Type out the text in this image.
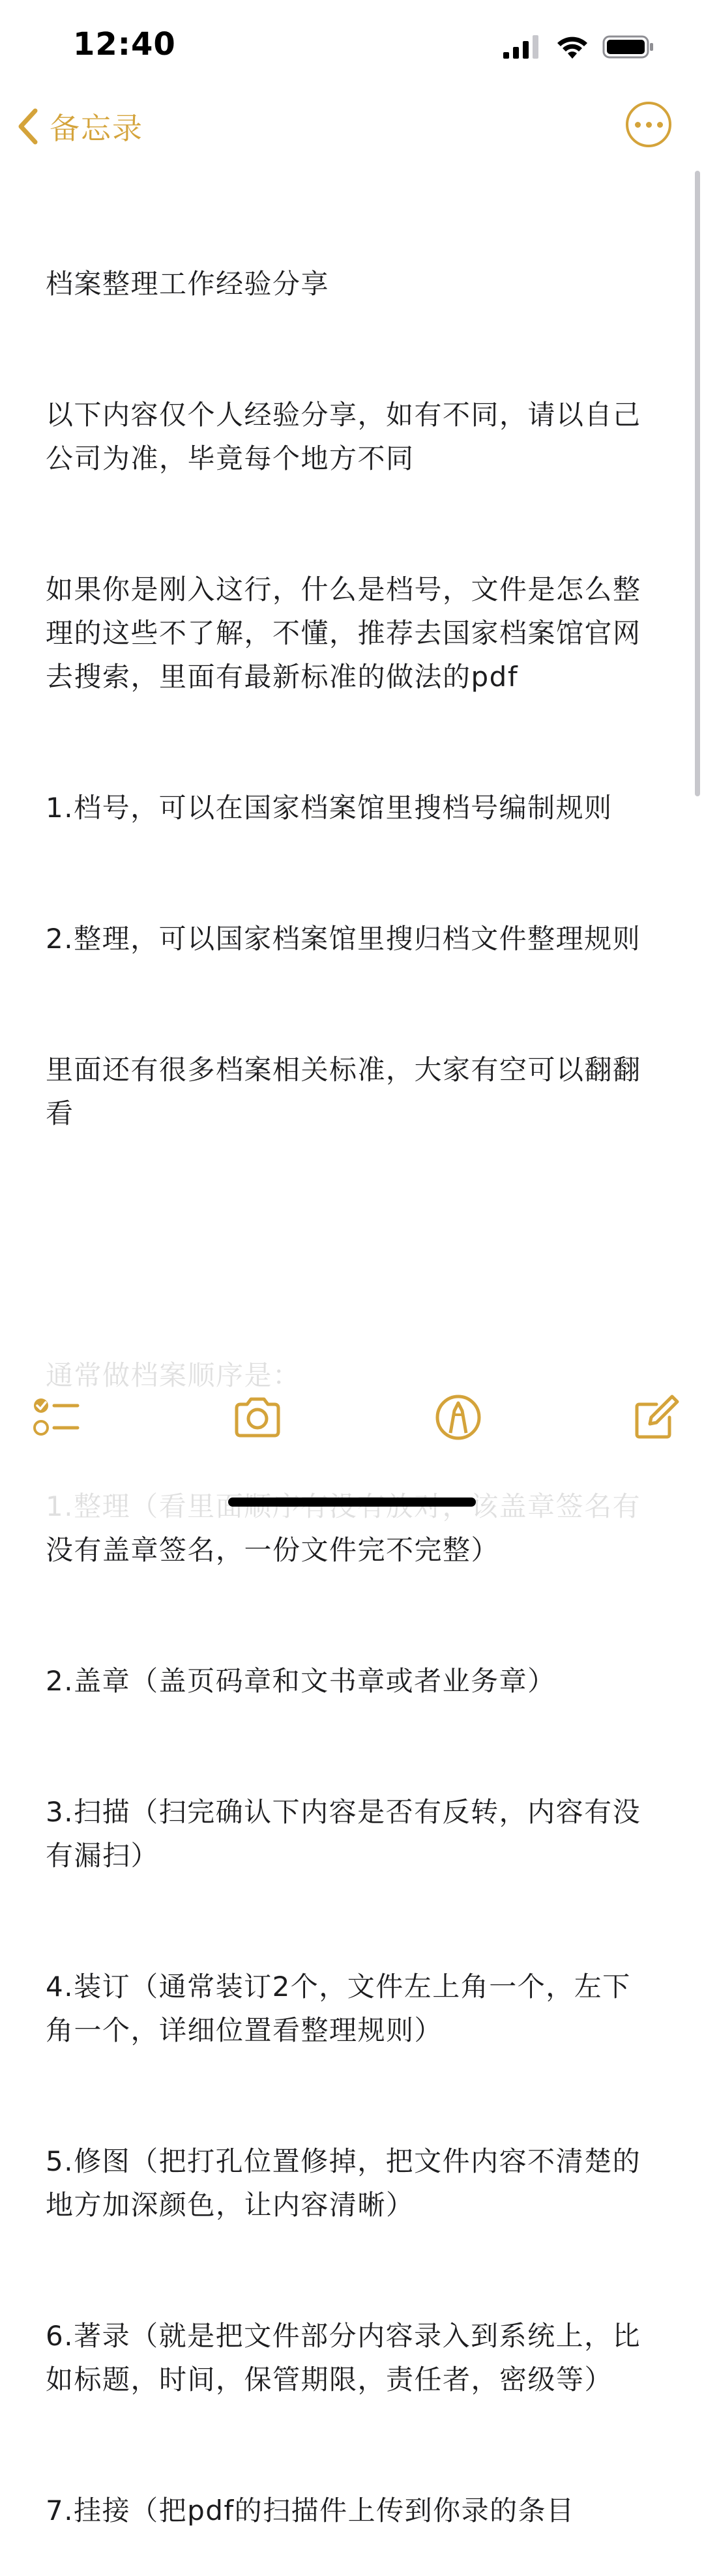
12:40
备忘录

档案整理工作经验分享

以下内容仅个人经验分享，如有不同，请以自己公司为准，毕竟每个地方不同

如果你是刚入这行，什么是档号，文件是怎么整理的这些不了解，不懂，推荐去国家档案馆官网去搜索，里面有最新标准的做法的pdf

1.档号，可以在国家档案馆里搜档号编制规则

2.整理，可以国家档案馆里搜归档文件整理规则

里面还有很多档案相关标准，大家有空可以翻翻看

没有盖章签名，一份文件完不完整）

2.盖章（盖页码章和文书章或者业务章）

3.扫描（扫完确认下内容是否有反转，内容有没有漏扫）

4.装订（通常装订2个，文件左上角一个，左下角一个，详细位置看整理规则）

5.修图（把打孔位置修掉，把文件内容不清楚的地方加深颜色，让内容清晰）

6.著录（就是把文件部分内容录入到系统上，比如标题，时间，保管期限，责任者，密级等）

7.挂接（把pdf的扫描件上传到你录的条目
